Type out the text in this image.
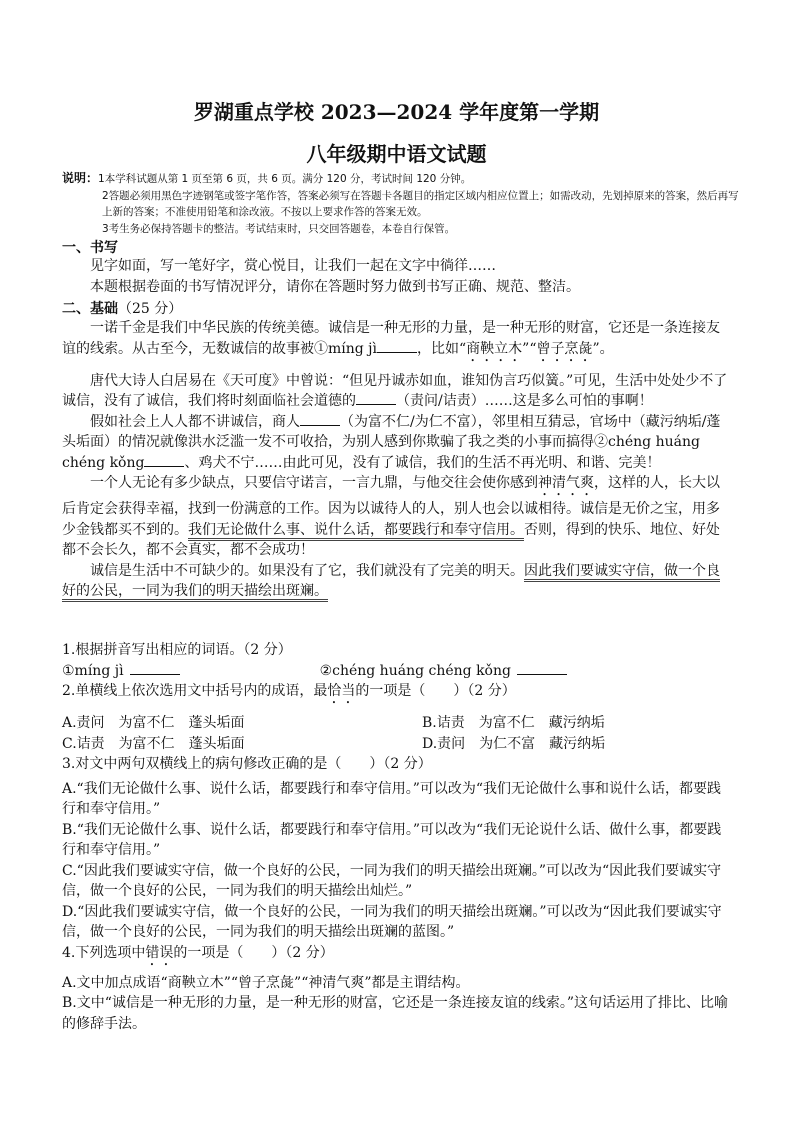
罗湖重点学校 2023—2024 学年度第一学期
八年级期中语文试题
说明：1本学科试题从第 1 页至第 6 页，共 6 页。满分 120 分，考试时间 120 分钟。
2答题必须用黑色字迹钢笔或签字笔作答，答案必须写在答题卡各题目的指定区域内相应位置上；如需改动，先划掉原来的答案，然后再写上新的答案；不准使用铅笔和涂改液。不按以上要求作答的答案无效。
3考生务必保持答题卡的整洁。考试结束时，只交回答题卷，本卷自行保管。
一、书写

见字如面，写一笔好字，赏心悦目，让我们一起在文字中徜徉……

本题根据卷面的书写情况评分，请你在答题时努力做到书写正确、规范、整洁。

二、基础（25 分）

一诺千金是我们中华民族的传统美德。诚信是一种无形的力量，是一种无形的财富，它还是一条连接友谊的线索。从古至今，无数诚信的故事被①míng jì	，比如“商鞅立木”“曾子烹彘”。

唐代大诗人白居易在《天可度》中曾说：“但见丹诚赤如血，谁知伪言巧似簧。”可见，生活中处处少不了诚信，没有了诚信，我们将时刻面临社会道德的	（责问/诘责）……这是多么可怕的事啊！

假如社会上人人都不讲诚信，商人	（为富不仁/为仁不富），邻里相互猜忌，官场中（藏污纳垢/蓬头垢面）的情况就像洪水泛滥一发不可收拾，为别人感到你欺骗了我之类的小事而搞得②chéng huáng chéng kǒng	、鸡犬不宁……由此可见，没有了诚信，我们的生活不再光明、和谐、完美！

一个人无论有多少缺点，只要信守诺言，一言九鼎，与他交往会使你感到神清气爽，这样的人，长大以后肯定会获得幸福，找到一份满意的工作。因为以诚待人的人，别人也会以诚相待。诚信是无价之宝，用多少金钱都买不到的。我们无论做什么事、说什么话，都要践行和奉守信用。否则，得到的快乐、地位、好处都不会长久，都不会真实，都不会成功！

诚信是生活中不可缺少的。如果没有了它，我们就没有了完美的明天。因此我们要诚实守信，做一个良好的公民，一同为我们的明天描绘出斑斓。

1.根据拼音写出相应的词语。（2 分）

①míng jì	②chéng huáng chéng kǒng

2.单横线上依次选用文中括号内的成语，最恰当的一项是（　　）（2 分）

A.责问　为富不仁　蓬头垢面	B.诘责　为富不仁　藏污纳垢
C.诘责　为富不仁　蓬头垢面	D.责问　为仁不富　藏污纳垢

3.对文中两句双横线上的病句修改正确的是（　　）（2 分）

A.“我们无论做什么事、说什么话，都要践行和奉守信用。”可以改为“我们无论做什么事和说什么话，都要践行和奉守信用。”

B.“我们无论做什么事、说什么话，都要践行和奉守信用。”可以改为“我们无论说什么话、做什么事，都要践行和奉守信用。”

C.“因此我们要诚实守信，做一个良好的公民，一同为我们的明天描绘出斑斓。”可以改为“因此我们要诚实守信，做一个良好的公民，一同为我们的明天描绘出灿烂。”

D.“因此我们要诚实守信，做一个良好的公民，一同为我们的明天描绘出斑斓。”可以改为“因此我们要诚实守信，做一个良好的公民，一同为我们的明天描绘出斑斓的蓝图。”

4.下列选项中错误的一项是（　　）（2 分）

A.文中加点成语“商鞅立木”“曾子烹彘”“神清气爽”都是主谓结构。

B.文中“诚信是一种无形的力量，是一种无形的财富，它还是一条连接友谊的线索。”这句话运用了排比、比喻的修辞手法。
